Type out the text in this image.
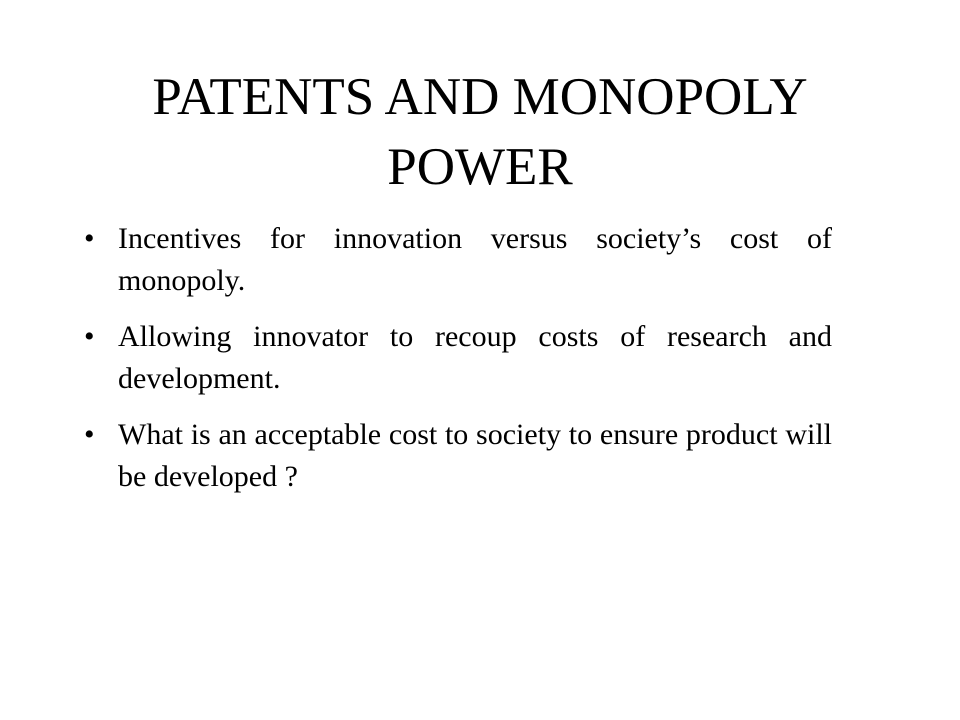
PATENTS AND MONOPOLY POWER
• Incentives for innovation versus society’s cost of monopoly.
• Allowing innovator to recoup costs of research and development.
• What is an acceptable cost to society to ensure product will be developed ?
